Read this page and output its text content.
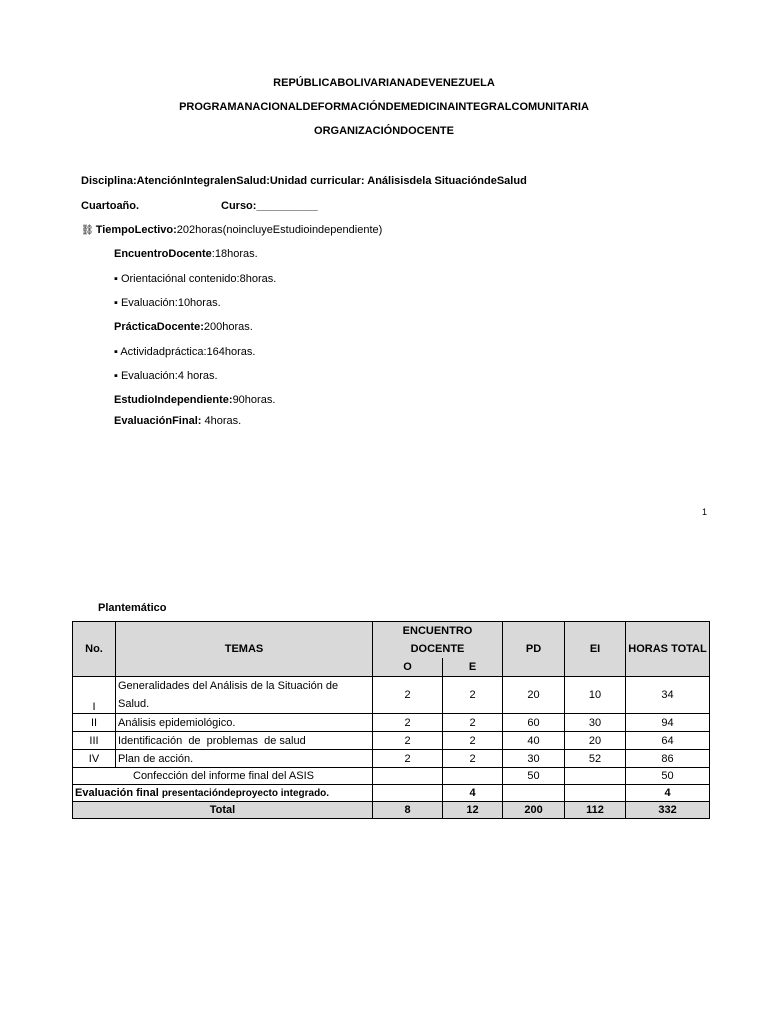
REPÚBLICABOLIVARIANADEVENEZUELA
PROGRAMANACIONALDEFORMACIÓNDEMEDICINAINTEGRALCOMUNITARIA
ORGANIZACIÓNDOCENTE
Disciplina:AtenciónIntegralenSalud:Unidad curricular: Análisisdela SituacióndeSalud
Cuartoaño.	Curso:__________
⛓ TiempoLectivo:202horas(noincluyeEstudioindependiente)
EncuentroDocente:18horas.
▪ Orientaciónal contenido:8horas.
▪ Evaluación:10horas.
PrácticaDocente:200horas.
▪ Actividadpráctica:164horas.
▪ Evaluación:4 horas.
EstudioIndependiente:90horas.
EvaluaciónFinal: 4horas.
1
Plantemático
No.	TEMAS	ENCUENTRO DOCENTE		PD	EI	HORAS TOTAL
		O	E			
I	Generalidades del Análisis de la Situación de Salud.	2	2	20	10	34
II	Análisis epidemiológico.	2	2	60	30	94
III	Identificación  de  problemas  de salud	2	2	40	20	64
IV	Plan de acción.	2	2	30	52	86
Confección del informe final del ASIS				50		50
Evaluación final presentacióndeproyecto integrado.			4			4
Total		8	12	200	112	332
